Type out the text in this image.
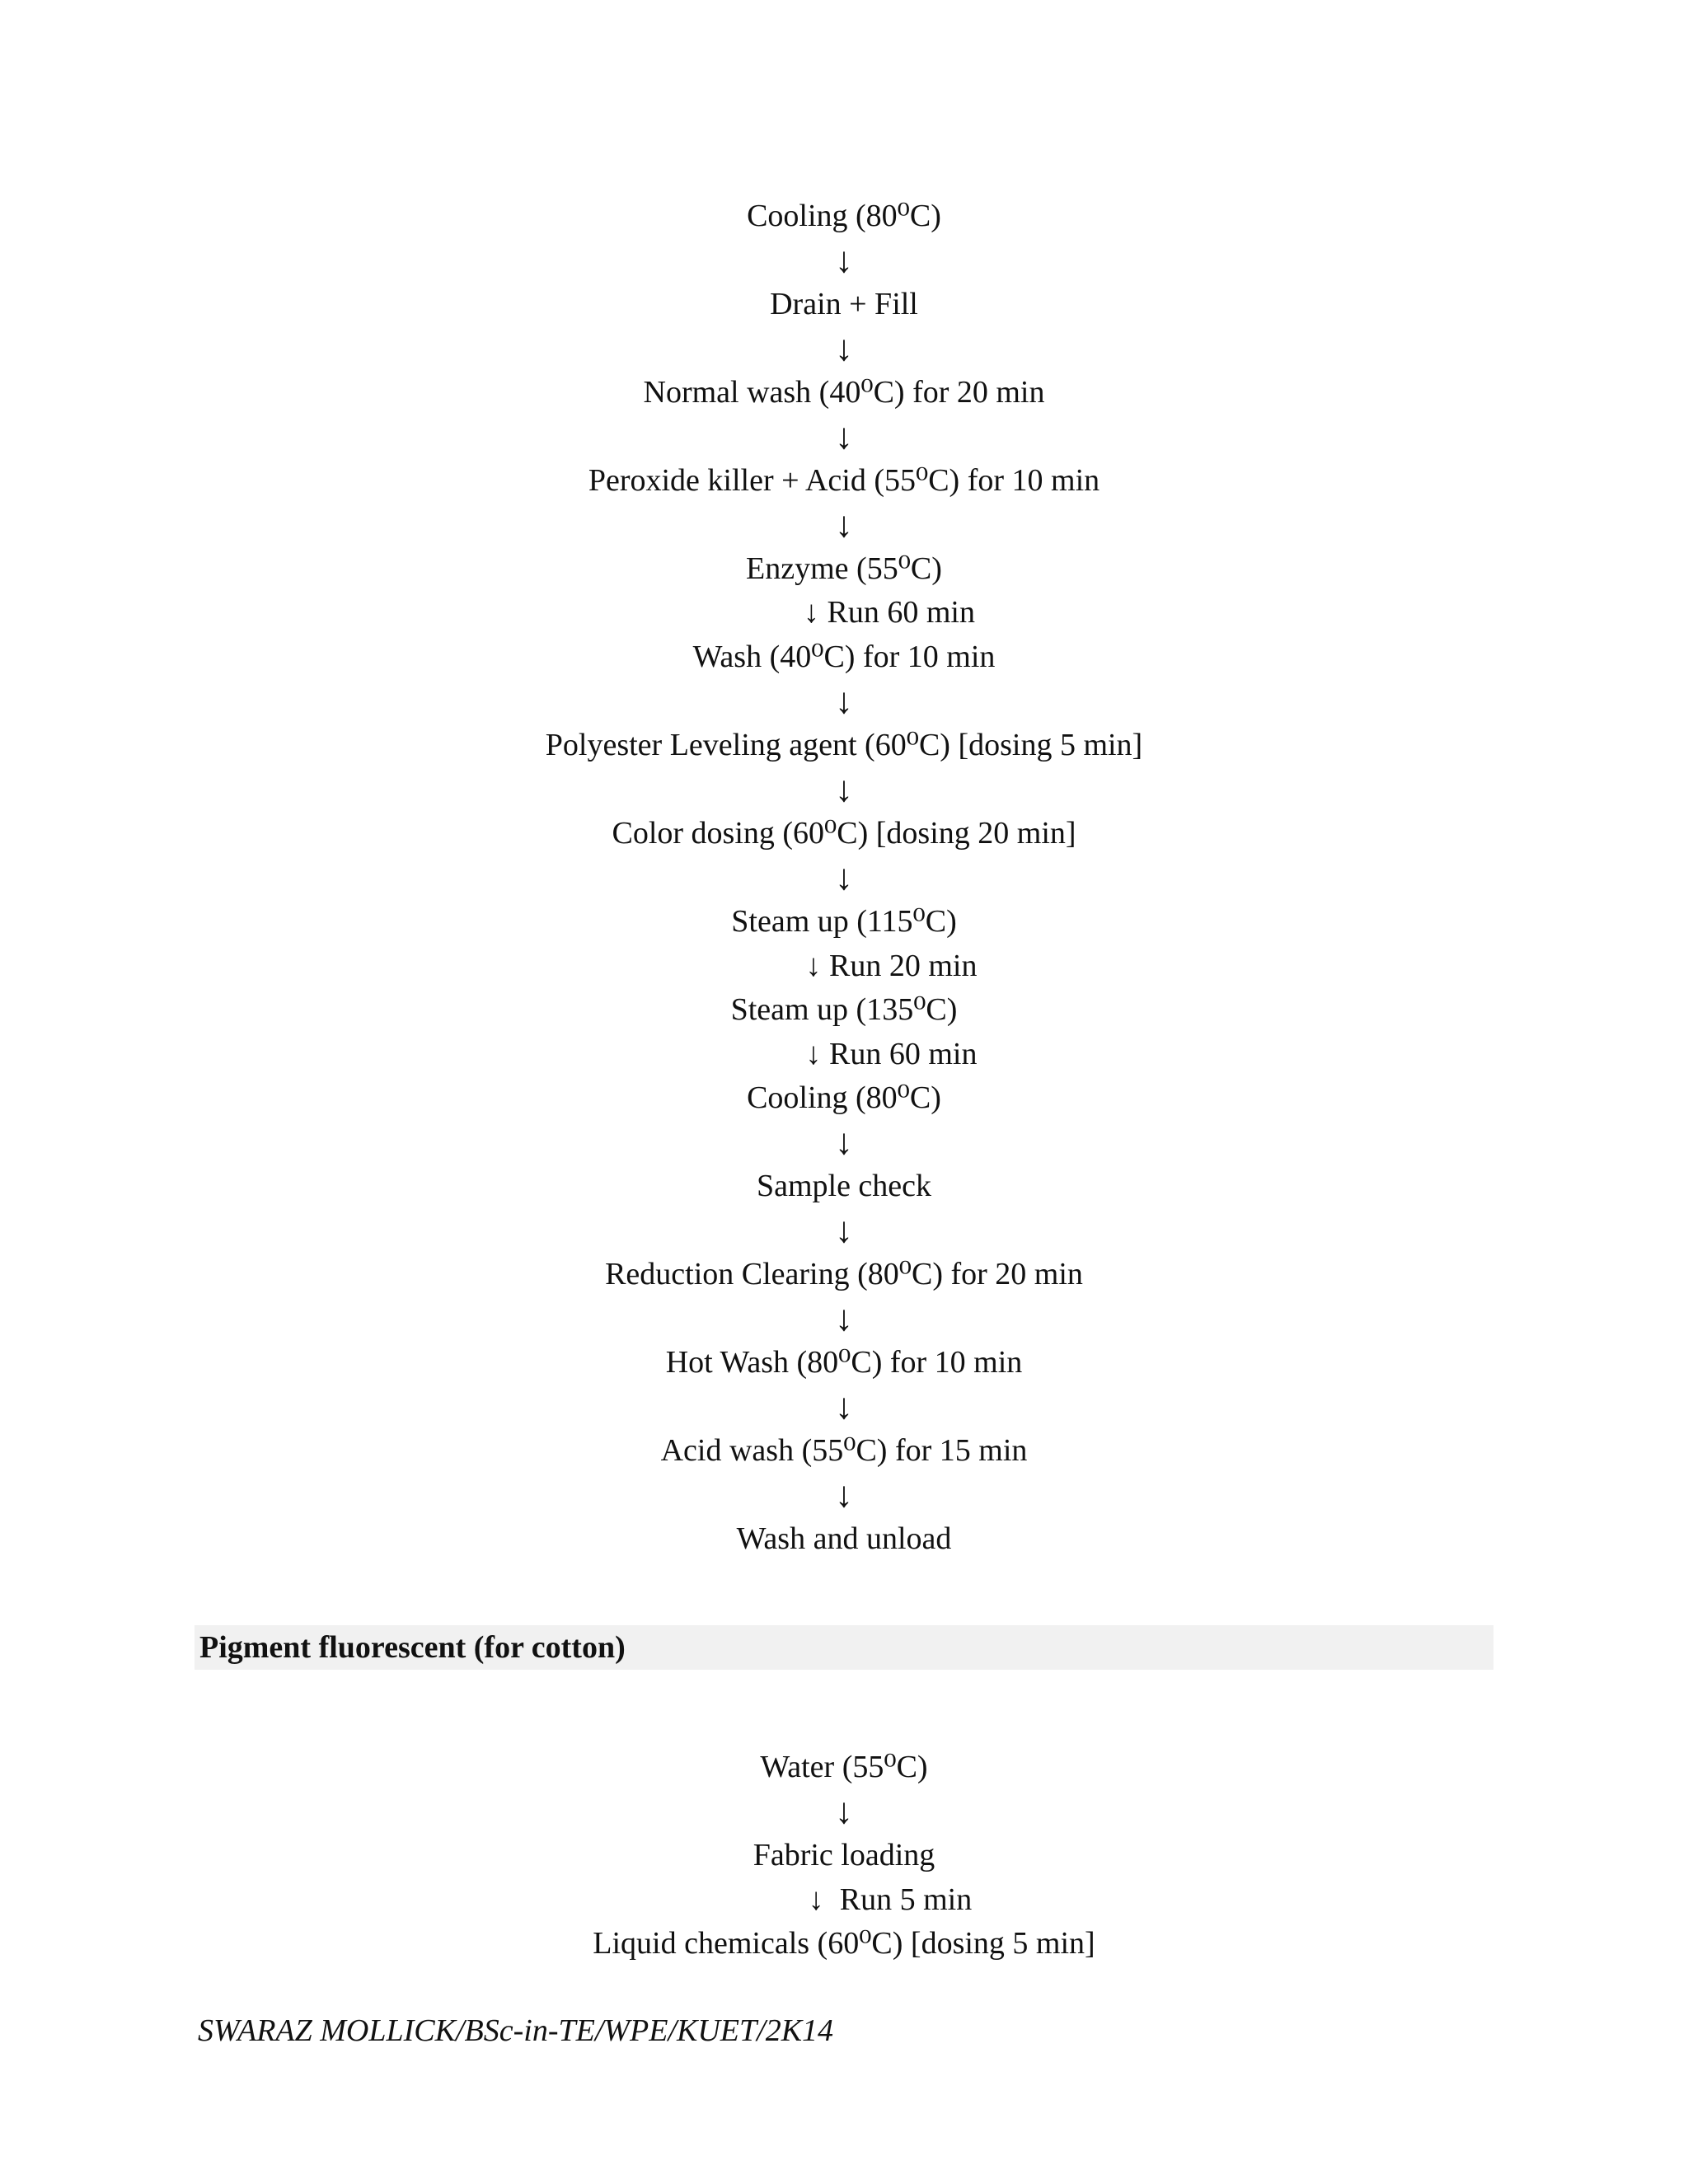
Cooling (80⁰C)
↓
Drain + Fill
↓
Normal wash (40⁰C) for 20 min
↓
Peroxide killer + Acid (55⁰C) for 10 min
↓
Enzyme (55⁰C)
↓ Run 60 min
Wash (40⁰C) for 10 min
↓
Polyester Leveling agent (60⁰C) [dosing 5 min]
↓
Color dosing (60⁰C) [dosing 20 min]
↓
Steam up (115⁰C)
↓ Run 20 min
Steam up (135⁰C)
↓ Run 60 min
Cooling (80⁰C)
↓
Sample check
↓
Reduction Clearing (80⁰C) for 20 min
↓
Hot Wash (80⁰C) for 10 min
↓
Acid wash (55⁰C) for 15 min
↓
Wash and unload
Pigment fluorescent (for cotton)
Water (55⁰C)
↓
Fabric loading
↓  Run 5 min
Liquid chemicals (60⁰C) [dosing 5 min]
SWARAZ MOLLICK/BSc-in-TE/WPE/KUET/2K14
